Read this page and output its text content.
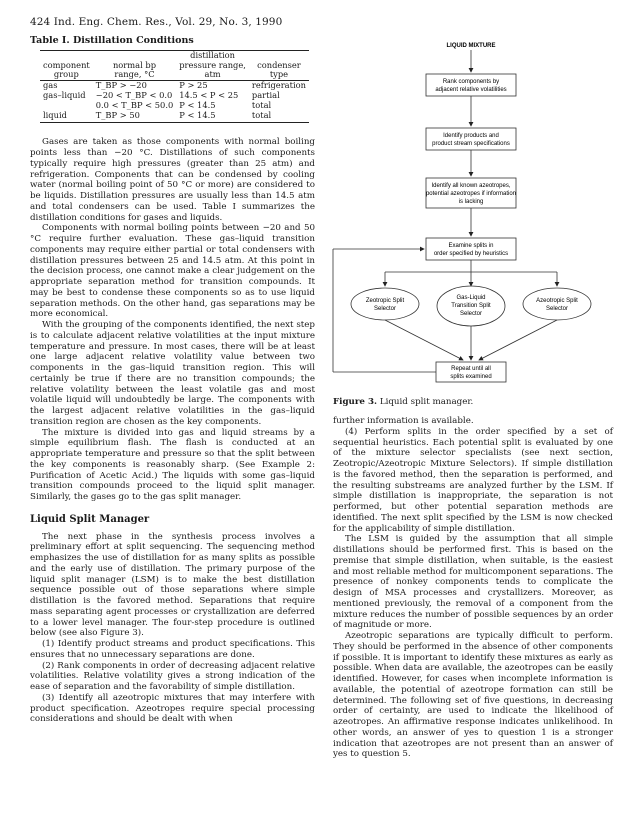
424 Ind. Eng. Chem. Res., Vol. 29, No. 3, 1990
Table I. Distillation Conditions
		distillation	
component	normal bp	pressure range,	condenser
group	range, °C	atm	type
gas	T_BP > −20	P > 25	refrigeration
gas–liquid	−20 < T_BP < 0.0	14.5 < P < 25	partial
	0.0 < T_BP < 50.0	P < 14.5	total
liquid	T_BP > 50	P < 14.5	total

Gases are taken as those components with normal boiling points less than −20 °C. Distillations of such components typically require high pressures (greater than 25 atm) and refrigeration. Components that can be condensed by cooling water (normal boiling point of 50 °C or more) are considered to be liquids. Distillation pressures are usually less than 14.5 atm and total condensers can be used. Table I summarizes the distillation conditions for gases and liquids.

Components with normal boiling points between −20 and 50 °C require further evaluation. These gas–liquid transition components may require either partial or total condensers with distillation pressures between 25 and 14.5 atm. At this point in the decision process, one cannot make a clear judgement on the appropriate separation method for transition compounds. It may be best to condense these components so as to use liquid separation methods. On the other hand, gas separations may be more economical.

With the grouping of the components identified, the next step is to calculate adjacent relative volatilities at the input mixture temperature and pressure. In most cases, there will be at least one large adjacent relative volatility value between two components in the gas–liquid transition region. This will certainly be true if there are no transition compounds; the relative volatility between the least volatile gas and most volatile liquid will undoubtedly be large. The components with the largest adjacent relative volatilities in the gas–liquid transition region are chosen as the key components.

The mixture is divided into gas and liquid streams by a simple equilibrium flash. The flash is conducted at an appropriate temperature and pressure so that the split between the key components is reasonably sharp. (See Example 2: Purification of Acetic Acid.) The liquids with some gas–liquid transition compounds proceed to the liquid split manager. Similarly, the gases go to the gas split manager.

Liquid Split Manager

The next phase in the synthesis process involves a preliminary effort at split sequencing. The sequencing method emphasizes the use of distillation for as many splits as possible and the early use of distillation. The primary purpose of the liquid split manager (LSM) is to make the best distillation sequence possible out of those separations where simple distillation is the favored method. Separations that require mass separating agent processes or crystallization are deferred to a lower level manager. The four-step procedure is outlined below (see also Figure 3).

(1) Identify product streams and product specifications. This ensures that no unnecessary separations are done.

(2) Rank components in order of decreasing adjacent relative volatilities. Relative volatility gives a strong indication of the ease of separation and the favorability of simple distillation.

(3) Identify all azeotropic mixtures that may interfere with product specification. Azeotropes require special processing considerations and should be dealt with when

LIQUID MIXTURE
Rank components by
adjacent relative volatilities
Identify products and
product stream specifications
Identify all known azeotropes,
potential azeotropes if information
is lacking
Examine splits in
order specified by heuristics
Zeotropic Split
Selector
Gas-Liquid
Transition Split
Selector
Azeotropic Split
Selector
Repeat until all
splits examined
Figure 3. Liquid split manager.

further information is available.

(4) Perform splits in the order specified by a set of sequential heuristics. Each potential split is evaluated by one of the mixture selector specialists (see next section, Zeotropic/Azeotropic Mixture Selectors). If simple distillation is the favored method, then the separation is performed, and the resulting substreams are analyzed further by the LSM. If simple distillation is inappropriate, the separation is not performed, but other potential separation methods are identified. The next split specified by the LSM is now checked for the applicability of simple distillation.

The LSM is guided by the assumption that all simple distillations should be performed first. This is based on the premise that simple distillation, when suitable, is the easiest and most reliable method for multicomponent separations. The presence of nonkey components tends to complicate the design of MSA processes and crystallizers. Moreover, as mentioned previously, the removal of a component from the mixture reduces the number of possible sequences by an order of magnitude or more.

Azeotropic separations are typically difficult to perform. They should be performed in the absence of other components if possible. It is important to identify these mixtures as early as possible. When data are available, the azeotropes can be easily identified. However, for cases when incomplete information is available, the potential of azeotrope formation can still be determined. The following set of five questions, in decreasing order of certainty, are used to indicate the likelihood of azeotropes. An affirmative response indicates unlikelihood. In other words, an answer of yes to question 1 is a stronger indication that azeotropes are not present than an answer of yes to question 5.
